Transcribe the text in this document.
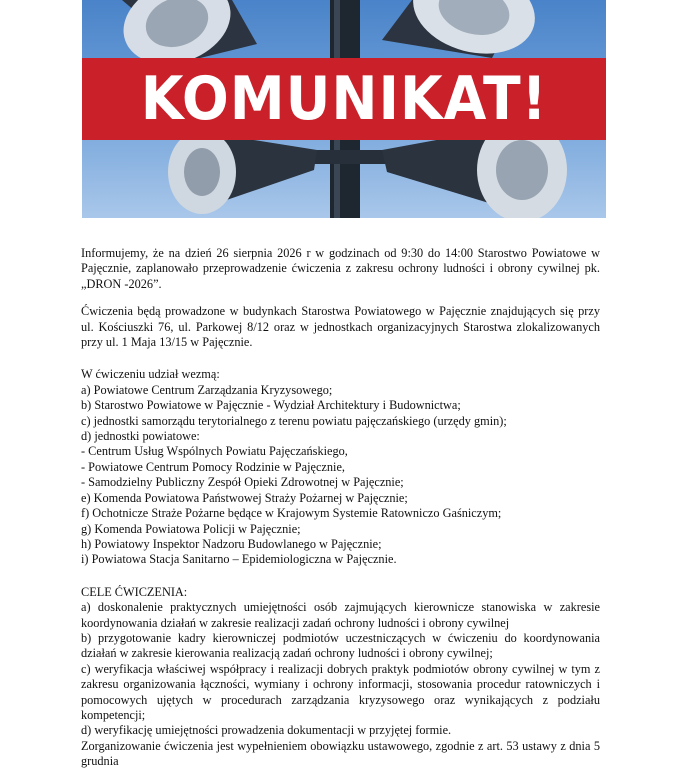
KOMUNIKAT!

Informujemy, że na dzień 26 sierpnia 2026 r w godzinach od 9:30 do 14:00 Starostwo Powiatowe w Pajęcznie, zaplanowało przeprowadzenie ćwiczenia z zakresu ochrony ludności i obrony cywilnej pk. „DRON -2026”.

Ćwiczenia będą prowadzone w budynkach Starostwa Powiatowego w Pajęcznie znajdujących się przy ul. Kościuszki 76, ul. Parkowej 8/12 oraz w jednostkach organizacyjnych Starostwa zlokalizowanych przy ul. 1 Maja 13/15 w Pajęcznie.

W ćwiczeniu udział wezmą:

a) Powiatowe Centrum Zarządzania Kryzysowego;

b) Starostwo Powiatowe w Pajęcznie - Wydział Architektury i Budownictwa;

c) jednostki samorządu terytorialnego z terenu powiatu pajęczańskiego (urzędy gmin);

d) jednostki powiatowe:

- Centrum Usług Wspólnych Powiatu Pajęczańskiego,

- Powiatowe Centrum Pomocy Rodzinie w Pajęcznie,

- Samodzielny Publiczny Zespół Opieki Zdrowotnej w Pajęcznie;

e) Komenda Powiatowa Państwowej Straży Pożarnej w Pajęcznie;

f) Ochotnicze Straże Pożarne będące w Krajowym Systemie Ratowniczo Gaśniczym;

g) Komenda Powiatowa Policji w Pajęcznie;

h) Powiatowy Inspektor Nadzoru Budowlanego w Pajęcznie;

i) Powiatowa Stacja Sanitarno – Epidemiologiczna w Pajęcznie.

CELE ĆWICZENIA:

a) doskonalenie praktycznych umiejętności osób zajmujących kierownicze stanowiska w zakresie koordynowania działań w zakresie realizacji zadań ochrony ludności i obrony cywilnej

b) przygotowanie kadry kierowniczej podmiotów uczestniczących w ćwiczeniu do koordynowania działań w zakresie kierowania realizacją zadań ochrony ludności i obrony cywilnej;

c) weryfikacja właściwej współpracy i realizacji dobrych praktyk podmiotów obrony cywilnej w tym z zakresu organizowania łączności, wymiany i ochrony informacji, stosowania procedur ratowniczych i pomocowych ujętych w procedurach zarządzania kryzysowego oraz wynikających z podziału kompetencji;

d) weryfikację umiejętności prowadzenia dokumentacji w przyjętej formie.

Zorganizowanie ćwiczenia jest wypełnieniem obowiązku ustawowego, zgodnie z art. 53 ustawy z dnia 5 grudnia
